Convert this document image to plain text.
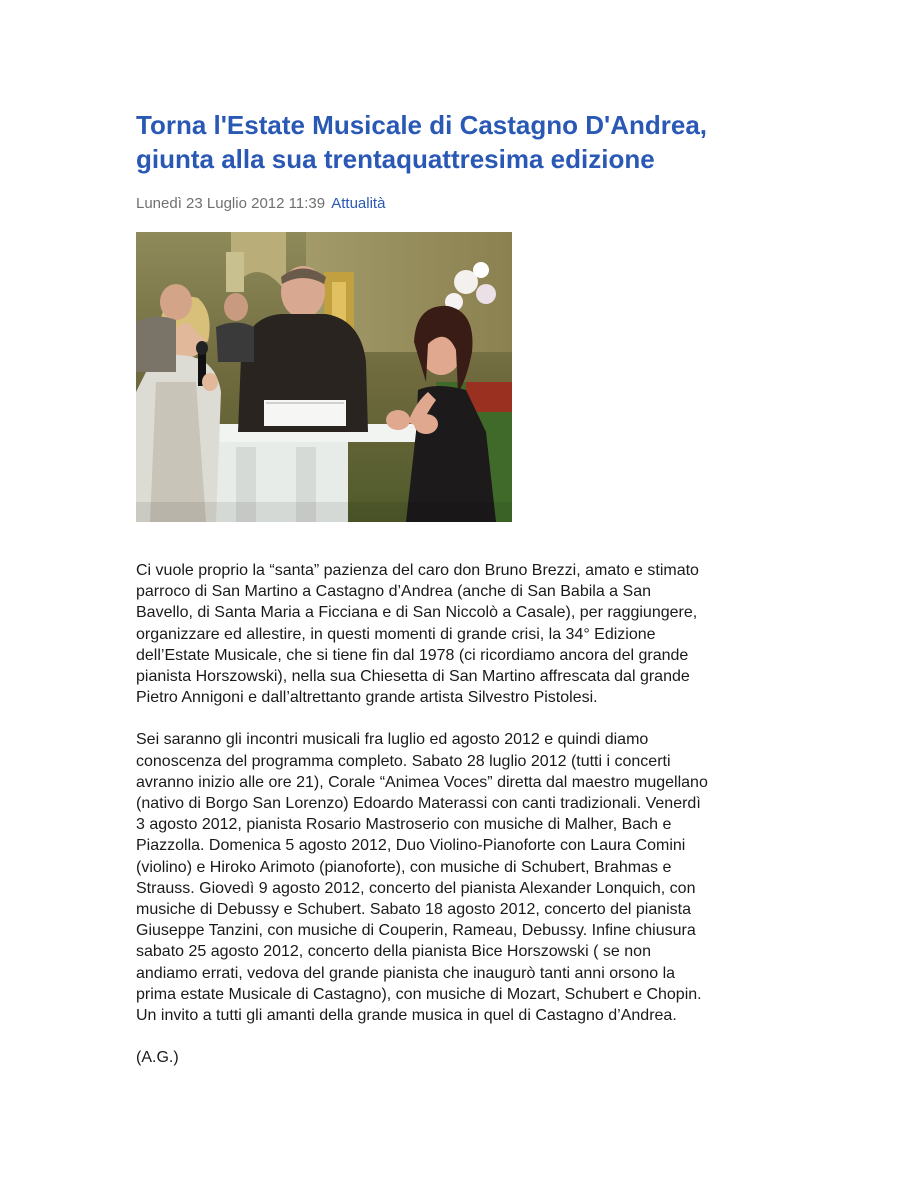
Torna l'Estate Musicale di Castagno D'Andrea,
giunta alla sua trentaquattresima edizione
Lunedì 23 Luglio 2012 11:39 Attualità

Ci vuole proprio la “santa” pazienza del caro don Bruno Brezzi, amato e stimato
parroco di San Martino a Castagno d’Andrea (anche di San Babila a San
Bavello, di Santa Maria a Ficciana e di San Niccolò a Casale), per raggiungere,
organizzare ed allestire, in questi momenti di grande crisi, la 34° Edizione
dell’Estate Musicale, che si tiene fin dal 1978 (ci ricordiamo ancora del grande
pianista Horszowski), nella sua Chiesetta di San Martino affrescata dal grande
Pietro Annigoni e dall’altrettanto grande artista Silvestro Pistolesi.

Sei saranno gli incontri musicali fra luglio ed agosto 2012 e quindi diamo
conoscenza del programma completo. Sabato 28 luglio 2012 (tutti i concerti
avranno inizio alle ore 21), Corale “Animea Voces” diretta dal maestro mugellano
(nativo di Borgo San Lorenzo) Edoardo Materassi con canti tradizionali. Venerdì
3 agosto 2012, pianista Rosario Mastroserio con musiche di Malher, Bach e
Piazzolla. Domenica 5 agosto 2012, Duo Violino-Pianoforte con Laura Comini
(violino) e Hiroko Arimoto (pianoforte), con musiche di Schubert, Brahmas e
Strauss. Giovedì 9 agosto 2012, concerto del pianista Alexander Lonquich, con
musiche di Debussy e Schubert. Sabato 18 agosto 2012, concerto del pianista
Giuseppe Tanzini, con musiche di Couperin, Rameau, Debussy. Infine chiusura
sabato 25 agosto 2012, concerto della pianista Bice Horszowski ( se non
andiamo errati, vedova del grande pianista che inaugurò tanti anni orsono la
prima estate Musicale di Castagno), con musiche di Mozart, Schubert e Chopin.
Un invito a tutti gli amanti della grande musica in quel di Castagno d’Andrea.

(A.G.)
